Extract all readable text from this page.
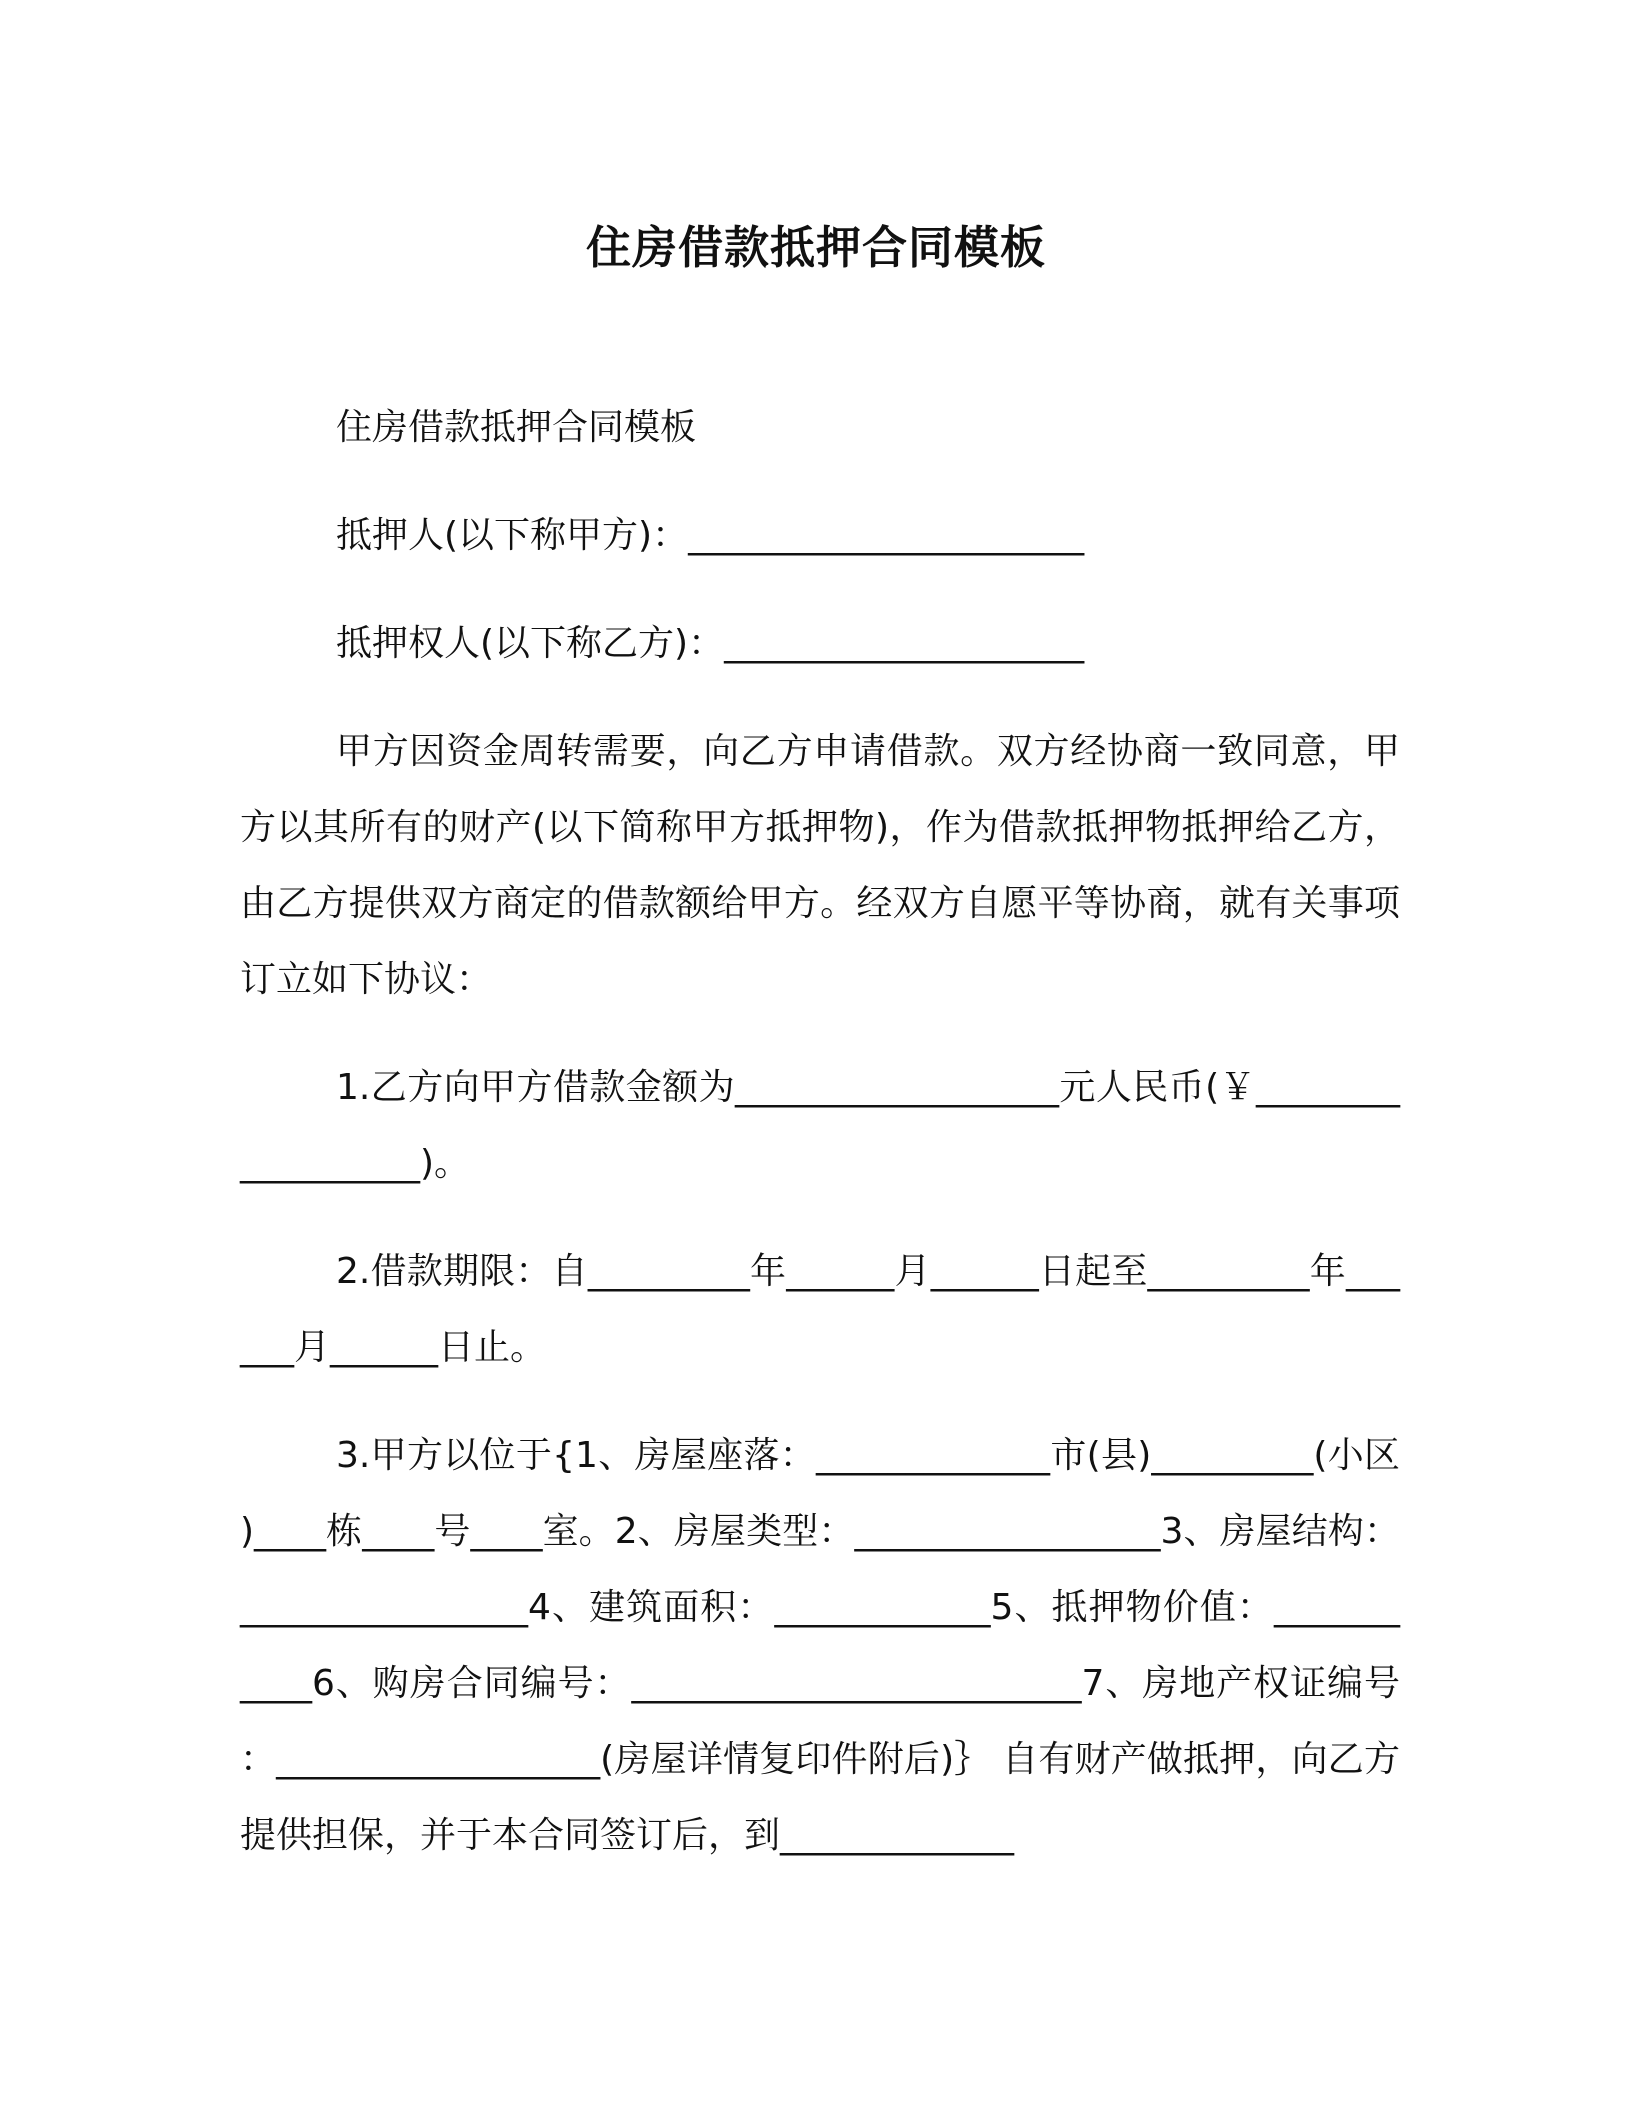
住房借款抵押合同模板

住房借款抵押合同模板

抵押人(以下称甲方)：______________________

抵押权人(以下称乙方)：____________________

甲方因资金周转需要，向乙方申请借款。双方经协商一致同意，甲方以其所有的财产(以下简称甲方抵押物)，作为借款抵押物抵押给乙方，由乙方提供双方商定的借款额给甲方。经双方自愿平等协商，就有关事项订立如下协议：

1.乙方向甲方借款金额为__________________元人民币(￥__________________)。

2.借款期限：自_________年______月______日起至_________年______月______日止。

3.甲方以位于{1、房屋座落：_____________市(县)_________(小区)____栋____号____室。2、房屋类型：_________________3、房屋结构：________________4、建筑面积：____________5、抵押物价值：___________6、购房合同编号：_________________________7、房地产权证编号：__________________(房屋详情复印件附后)｝ 自有财产做抵押，向乙方提供担保，并于本合同签订后，到_____________
